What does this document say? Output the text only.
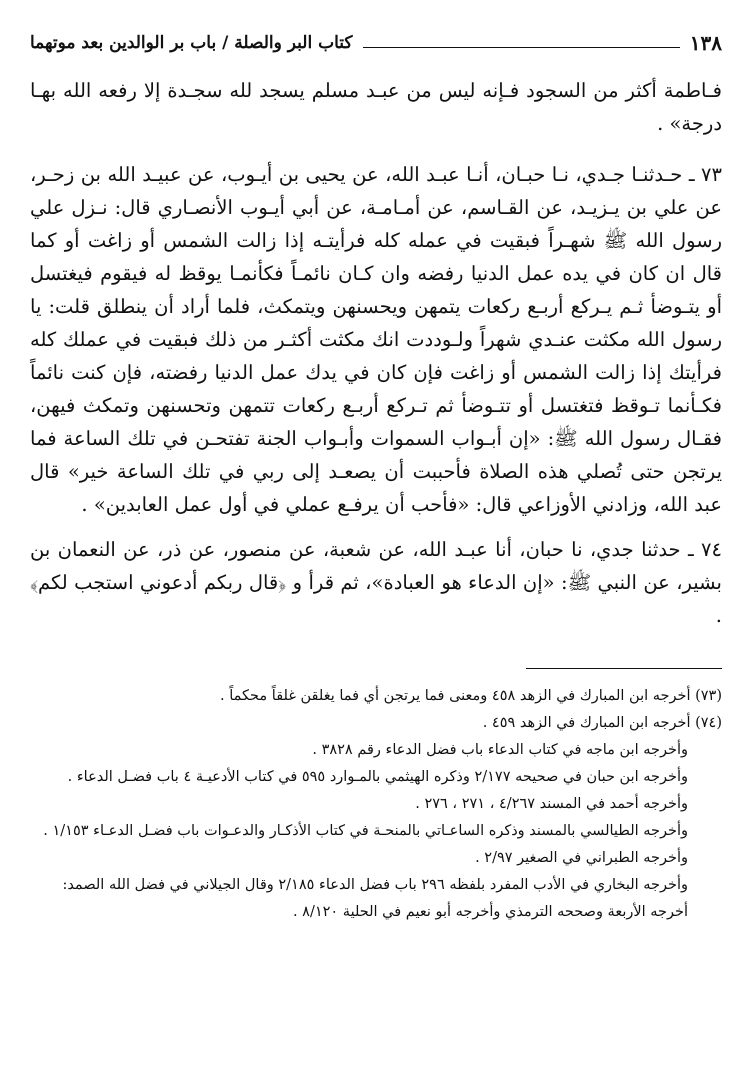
١٣٨
كتاب البر والصلة / باب بر الوالدين بعد موتهما

فـاطمة أكثر من السجود فـإنه ليس من عبـد مسلم يسجد لله سجـدة إلا رفعه الله بهـا درجة» .

٧٣ ـ حـدثنـا جـدي، نـا حبـان، أنـا عبـد الله، عن يحيى بن أيـوب، عن عبيـد الله بن زحـر، عن علي بن يـزيـد، عن القـاسم، عن أمـامـة، عن أبي أيـوب الأنصـاري قال: نـزل علي رسول الله ﷺ شهـراً فبقيت في عمله كله فرأيتـه إذا زالت الشمس أو زاغت أو كما قال ان كان في يده عمل الدنيا رفضه وان كـان نائمـاً فكأنمـا يوقظ له فيقوم فيغتسل أو يتـوضأ ثـم يـركع أربـع ركعات يتمهن ويحسنهن ويتمكث، فلما أراد أن ينطلق قلت: يا رسول الله مكثت عنـدي شهراً ولـوددت انك مكثت أكثـر من ذلك فبقيت في عملك كله فرأيتك إذا زالت الشمس أو زاغت فإن كان في يدك عمل الدنيا رفضته، فإن كنت نائماً فكـأنما تـوقظ فتغتسل أو تتـوضأ ثم تـركع أربـع ركعات تتمهن وتحسنهن وتمكث فيهن، فقـال رسول الله ﷺ: «إن أبـواب السموات وأبـواب الجنة تفتحـن في تلك الساعة فما يرتجن حتى تُصلي هذه الصلاة فأحببت أن يصعـد إلى ربي في تلك الساعة خير» قال عبد الله، وزادني الأوزاعي قال: «فأحب أن يرفـع عملي في أول عمل العابدين» .

٧٤ ـ حدثنا جدي، نا حبان، أنا عبـد الله، عن شعبة، عن منصور، عن ذر، عن النعمان بن بشير، عن النبي ﷺ: «إن الدعاء هو العبادة»، ثم قرأ و ﴿قال ربكم أدعوني استجب لكم﴾ .

(٧٣) أخرجه ابن المبارك في الزهد ٤٥٨ ومعنى فما يرتجن أي فما يغلقن غلقاً محكماً .

(٧٤) أخرجه ابن المبارك في الزهد ٤٥٩ .

وأخرجه ابن ماجه في كتاب الدعاء باب فضل الدعاء رقم ٣٨٢٨ .

وأخرجه ابن حبان في صحيحه ٢/١٧٧ وذكره الهيثمي بالمـوارد ٥٩٥ في كتاب الأدعيـة ٤ باب فضـل الدعاء .

وأخرجه أحمد في المسند ٤/٢٦٧ ، ٢٧١ ، ٢٧٦ .

وأخرجه الطيالسي بالمسند وذكره الساعـاتي بالمنحـة في كتاب الأذكـار والدعـوات باب فضـل الدعـاء ١/١٥٣ .

وأخرجه الطبراني في الصغير ٢/٩٧ .

وأخرجه البخاري في الأدب المفرد بلفظه ٢٩٦ باب فضل الدعاء ٢/١٨٥ وقال الجيلاني في فضل الله الصمد: أخرجه الأربعة وصححه الترمذي وأخرجه أبو نعيم في الحلية ٨/١٢٠ .
